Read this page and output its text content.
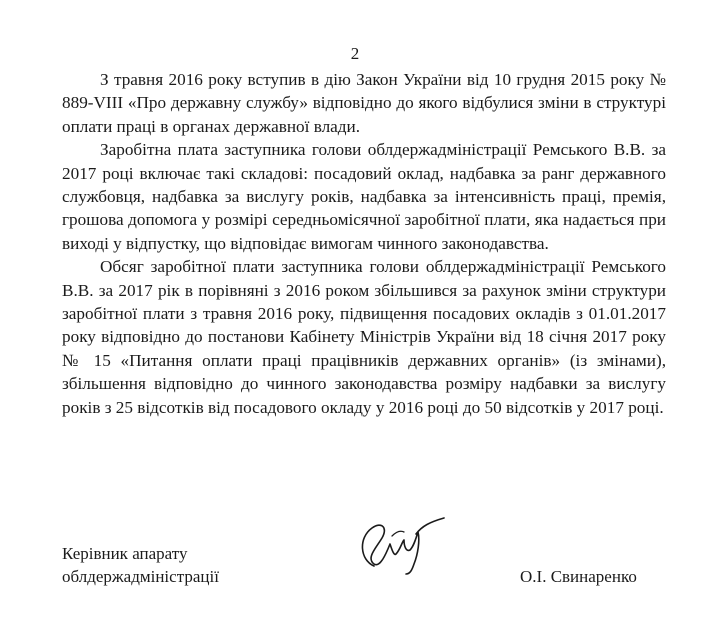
2

З травня 2016 року вступив в дію Закон України від 10 грудня 2015 року № 889-VIII «Про державну службу» відповідно до якого відбулися зміни в структурі оплати праці в органах державної влади.

Заробітна плата заступника голови облдержадміністрації Ремського В.В. за 2017 році включає такі складові: посадовий оклад, надбавка за ранг державного службовця, надбавка за вислугу років, надбавка за інтенсивність праці, премія, грошова допомога у розмірі середньомісячної заробітної плати, яка надається при виході у відпустку, що відповідає вимогам чинного законодавства.

Обсяг заробітної плати заступника голови облдержадміністрації Ремського В.В. за 2017 рік в порівняні з 2016 роком збільшився за рахунок зміни структури заробітної плати з травня 2016 року, підвищення посадових окладів з 01.01.2017 року відповідно до постанови Кабінету Міністрів України від 18 січня 2017 року № 15 «Питання оплати праці працівників державних органів» (із змінами), збільшення відповідно до чинного законодавства розміру надбавки за вислугу років з 25 відсотків від посадового окладу у 2016 році до 50 відсотків у 2017 році.

Керівник апарату
облдержадміністрації	О.І. Свинаренко
